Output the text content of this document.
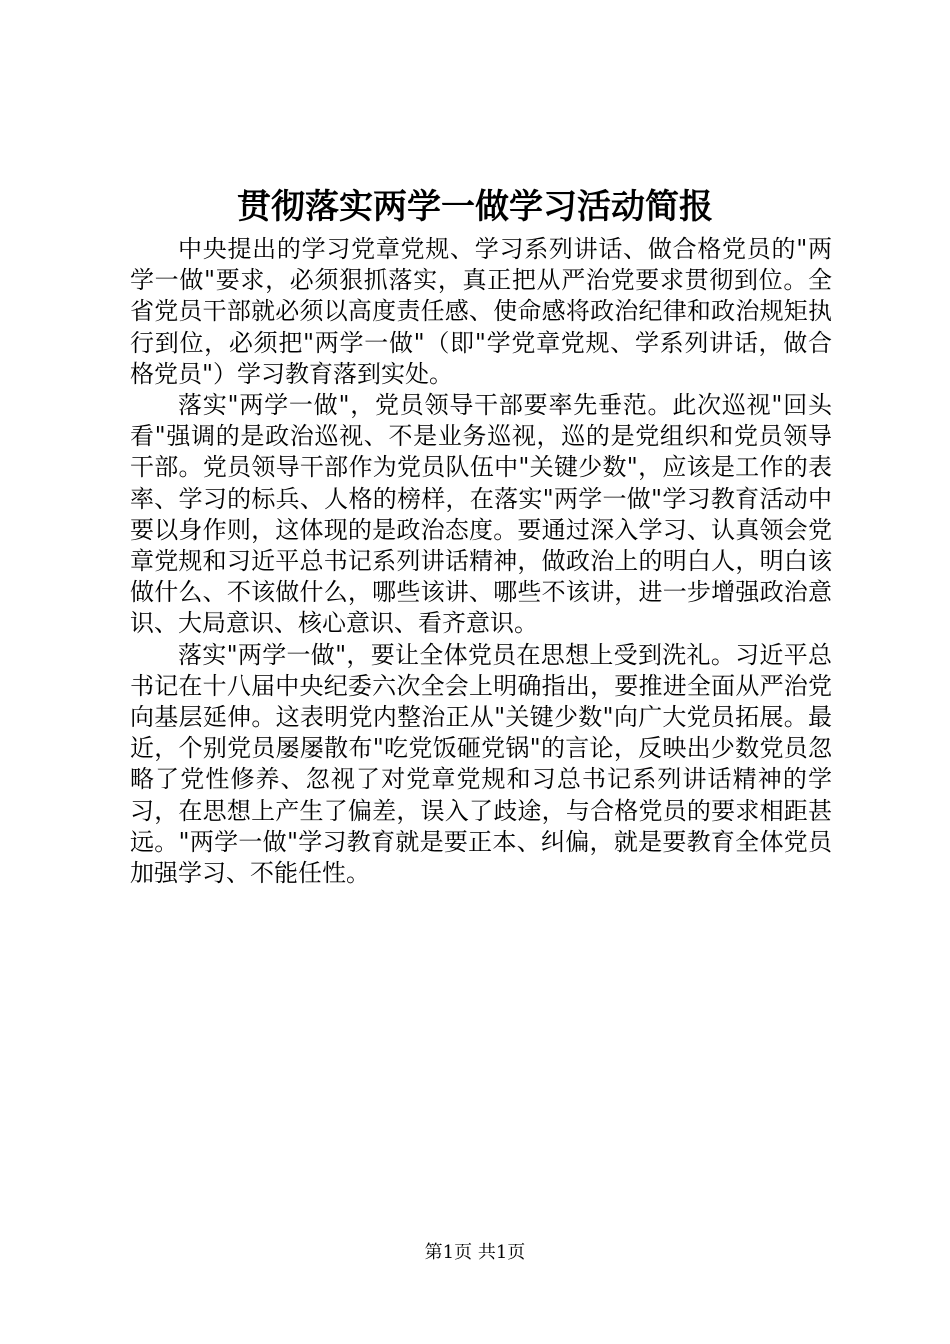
贯彻落实两学一做学习活动简报

中央提出的学习党章党规、学习系列讲话、做合格党员的"两学一做"要求，必须狠抓落实，真正把从严治党要求贯彻到位。全省党员干部就必须以高度责任感、使命感将政治纪律和政治规矩执行到位，必须把"两学一做"（即"学党章党规、学系列讲话，做合格党员"）学习教育落到实处。

落实"两学一做"，党员领导干部要率先垂范。此次巡视"回头看"强调的是政治巡视、不是业务巡视，巡的是党组织和党员领导干部。党员领导干部作为党员队伍中"关键少数"，应该是工作的表率、学习的标兵、人格的榜样，在落实"两学一做"学习教育活动中要以身作则，这体现的是政治态度。要通过深入学习、认真领会党章党规和习近平总书记系列讲话精神，做政治上的明白人，明白该做什么、不该做什么，哪些该讲、哪些不该讲，进一步增强政治意识、大局意识、核心意识、看齐意识。

落实"两学一做"，要让全体党员在思想上受到洗礼。习近平总书记在十八届中央纪委六次全会上明确指出，要推进全面从严治党向基层延伸。这表明党内整治正从"关键少数"向广大党员拓展。最近，个别党员屡屡散布"吃党饭砸党锅"的言论，反映出少数党员忽略了党性修养、忽视了对党章党规和习总书记系列讲话精神的学习，在思想上产生了偏差，误入了歧途，与合格党员的要求相距甚远。"两学一做"学习教育就是要正本、纠偏，就是要教育全体党员加强学习、不能任性。

第1页 共1页
